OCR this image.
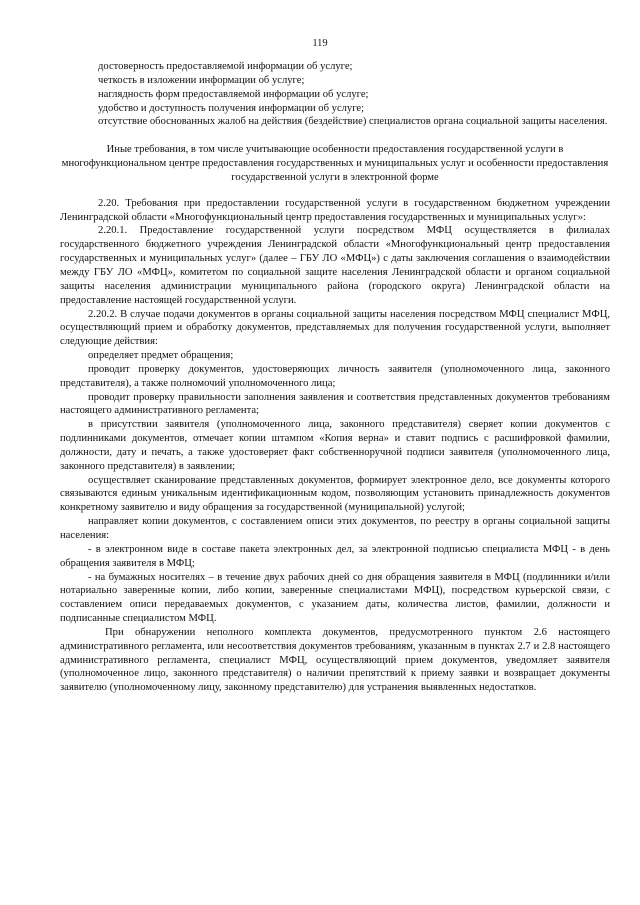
119

достоверность предоставляемой информации об услуге;

четкость в изложении информации об услуге;

наглядность форм предоставляемой информации об услуге;

удобство и доступность получения информации об услуге;

отсутствие обоснованных жалоб на действия (бездействие) специалистов органа социальной защиты населения.

Иные требования, в том числе учитывающие особенности предоставления государственной услуги в многофункциональном центре предоставления государственных и муниципальных услуг и особенности предоставления государственной услуги в электронной форме

2.20. Требования при предоставлении государственной услуги в государственном бюджетном учреждении Ленинградской области «Многофункциональный центр предоставления государственных и муниципальных услуг»:

2.20.1. Предоставление государственной услуги посредством МФЦ осуществляется в филиалах государственного бюджетного учреждения Ленинградской области «Многофункциональный центр предоставления государственных и муниципальных услуг» (далее – ГБУ ЛО «МФЦ») с даты заключения соглашения о взаимодействии между ГБУ ЛО «МФЦ», комитетом по социальной защите населения Ленинградской области и органом социальной защиты населения администрации муниципального района (городского округа) Ленинградской области на предоставление настоящей государственной услуги.

2.20.2. В случае подачи документов в органы социальной защиты населения посредством МФЦ специалист МФЦ, осуществляющий прием и обработку документов, представляемых для получения государственной услуги, выполняет следующие действия:

определяет предмет обращения;

проводит проверку документов, удостоверяющих личность заявителя (уполномоченного лица, законного представителя), а также полномочий уполномоченного лица;

проводит проверку правильности заполнения заявления и соответствия представленных документов требованиям настоящего административного регламента;

в присутствии заявителя (уполномоченного лица, законного представителя) сверяет копии документов с подлинниками документов, отмечает копии штампом «Копия верна» и ставит подпись с расшифровкой фамилии, должности, дату и печать, а также удостоверяет факт собственноручной подписи заявителя (уполномоченного лица, законного представителя) в заявлении;

осуществляет сканирование представленных документов, формирует электронное дело, все документы которого связываются единым уникальным идентификационным кодом, позволяющим установить принадлежность документов конкретному заявителю и виду обращения за государственной (муниципальной) услугой;

направляет копии документов, с составлением описи этих документов, по реестру в органы социальной защиты населения:

- в электронном виде в составе пакета электронных дел, за электронной подписью специалиста МФЦ - в день обращения заявителя в МФЦ;

- на бумажных носителях – в течение двух рабочих дней со дня обращения заявителя в МФЦ (подлинники и/или нотариально заверенные копии, либо копии, заверенные специалистами МФЦ), посредством курьерской связи, с составлением описи передаваемых документов, с указанием даты, количества листов, фамилии, должности и подписанные специалистом МФЦ.

При обнаружении неполного комплекта документов, предусмотренного пунктом 2.6 настоящего административного регламента, или несоответствия документов требованиям, указанным в пунктах 2.7 и 2.8 настоящего административного регламента, специалист МФЦ, осуществляющий прием документов, уведомляет заявителя (уполномоченное лицо, законного представителя) о наличии препятствий к приему заявки и возвращает документы заявителю (уполномоченному лицу, законному представителю) для устранения выявленных недостатков.
